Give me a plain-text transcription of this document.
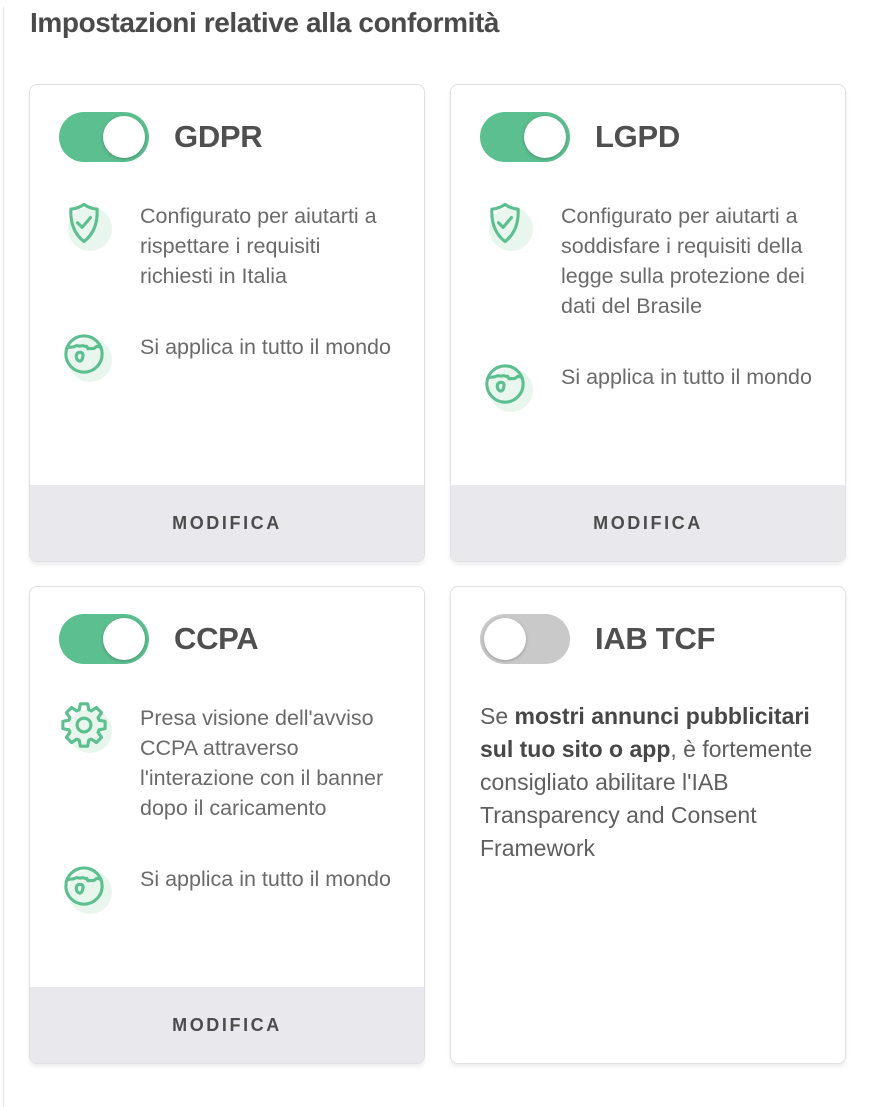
Impostazioni relative alla conformità
GDPR
Configurato per aiutarti a rispettare i requisiti richiesti in Italia
Si applica in tutto il mondo
MODIFICA
LGPD
Configurato per aiutarti a soddisfare i requisiti della legge sulla protezione dei dati del Brasile
Si applica in tutto il mondo
MODIFICA
CCPA
Presa visione dell'avviso CCPA attraverso l'interazione con il banner dopo il caricamento
Si applica in tutto il mondo
MODIFICA
IAB TCF

Se mostri annunci pubblicitari sul tuo sito o app, è fortemente consigliato abilitare l'IAB Transparency and Consent Framework
